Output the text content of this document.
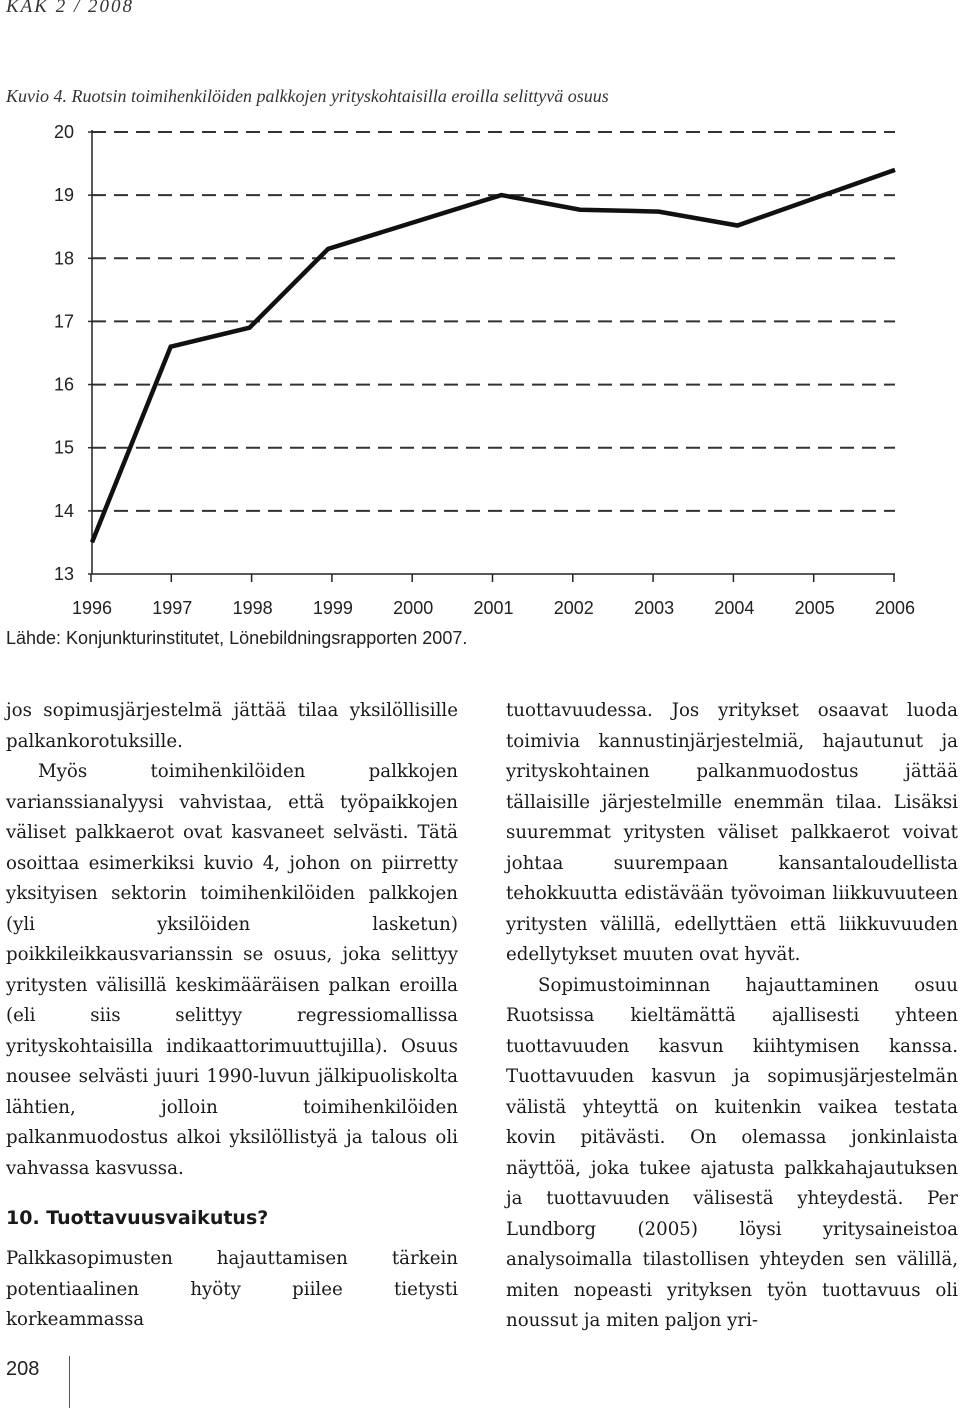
KAK 2 / 2008
Kuvio 4. Ruotsin toimihenkilöiden palkkojen yrityskohtaisilla eroilla selittyvä osuus
13
14
15
16
17
18
19
20
1996 1997 1998 1999 2000 2001 2002 2003 2004 2005 2006
Lähde: Konjunkturinstitutet, Lönebildningsrapporten 2007.

jos sopimusjärjestelmä jättää tilaa yksilöllisille palkankorotuksille.

Myös toimihenkilöiden palkkojen varianssianalyysi vahvistaa, että työpaikkojen väliset palkkaerot ovat kasvaneet selvästi. Tätä osoittaa esimerkiksi kuvio 4, johon on piirretty yksityisen sektorin toimihenkilöiden palkkojen (yli yksilöiden lasketun) poikkileikkausvarianssin se osuus, joka selittyy yritysten välisillä keskimääräisen palkan eroilla (eli siis selittyy regressiomallissa yrityskohtaisilla indikaattorimuuttujilla). Osuus nousee selvästi juuri 1990-luvun jälkipuoliskolta lähtien, jolloin toimihenkilöiden palkanmuodostus alkoi yksilöllistyä ja talous oli vahvassa kasvussa.

10. Tuottavuusvaikutus?

Palkkasopimusten hajauttamisen tärkein potentiaalinen hyöty piilee tietysti korkeammassa

tuottavuudessa. Jos yritykset osaavat luoda toimivia kannustinjärjestelmiä, hajautunut ja yrityskohtainen palkanmuodostus jättää tällaisille järjestelmille enemmän tilaa. Lisäksi suuremmat yritysten väliset palkkaerot voivat johtaa suurempaan kansantaloudellista tehokkuutta edistävään työvoiman liikkuvuuteen yritysten välillä, edellyttäen että liikkuvuuden edellytykset muuten ovat hyvät.

Sopimustoiminnan hajauttaminen osuu Ruotsissa kieltämättä ajallisesti yhteen tuottavuuden kasvun kiihtymisen kanssa. Tuottavuuden kasvun ja sopimusjärjestelmän välistä yhteyttä on kuitenkin vaikea testata kovin pitävästi. On olemassa jonkinlaista näyttöä, joka tukee ajatusta palkkahajautuksen ja tuottavuuden välisestä yhteydestä. Per Lundborg (2005) löysi yritysaineistoa analysoimalla tilastollisen yhteyden sen välillä, miten nopeasti yrityksen työn tuottavuus oli noussut ja miten paljon yri-

208
